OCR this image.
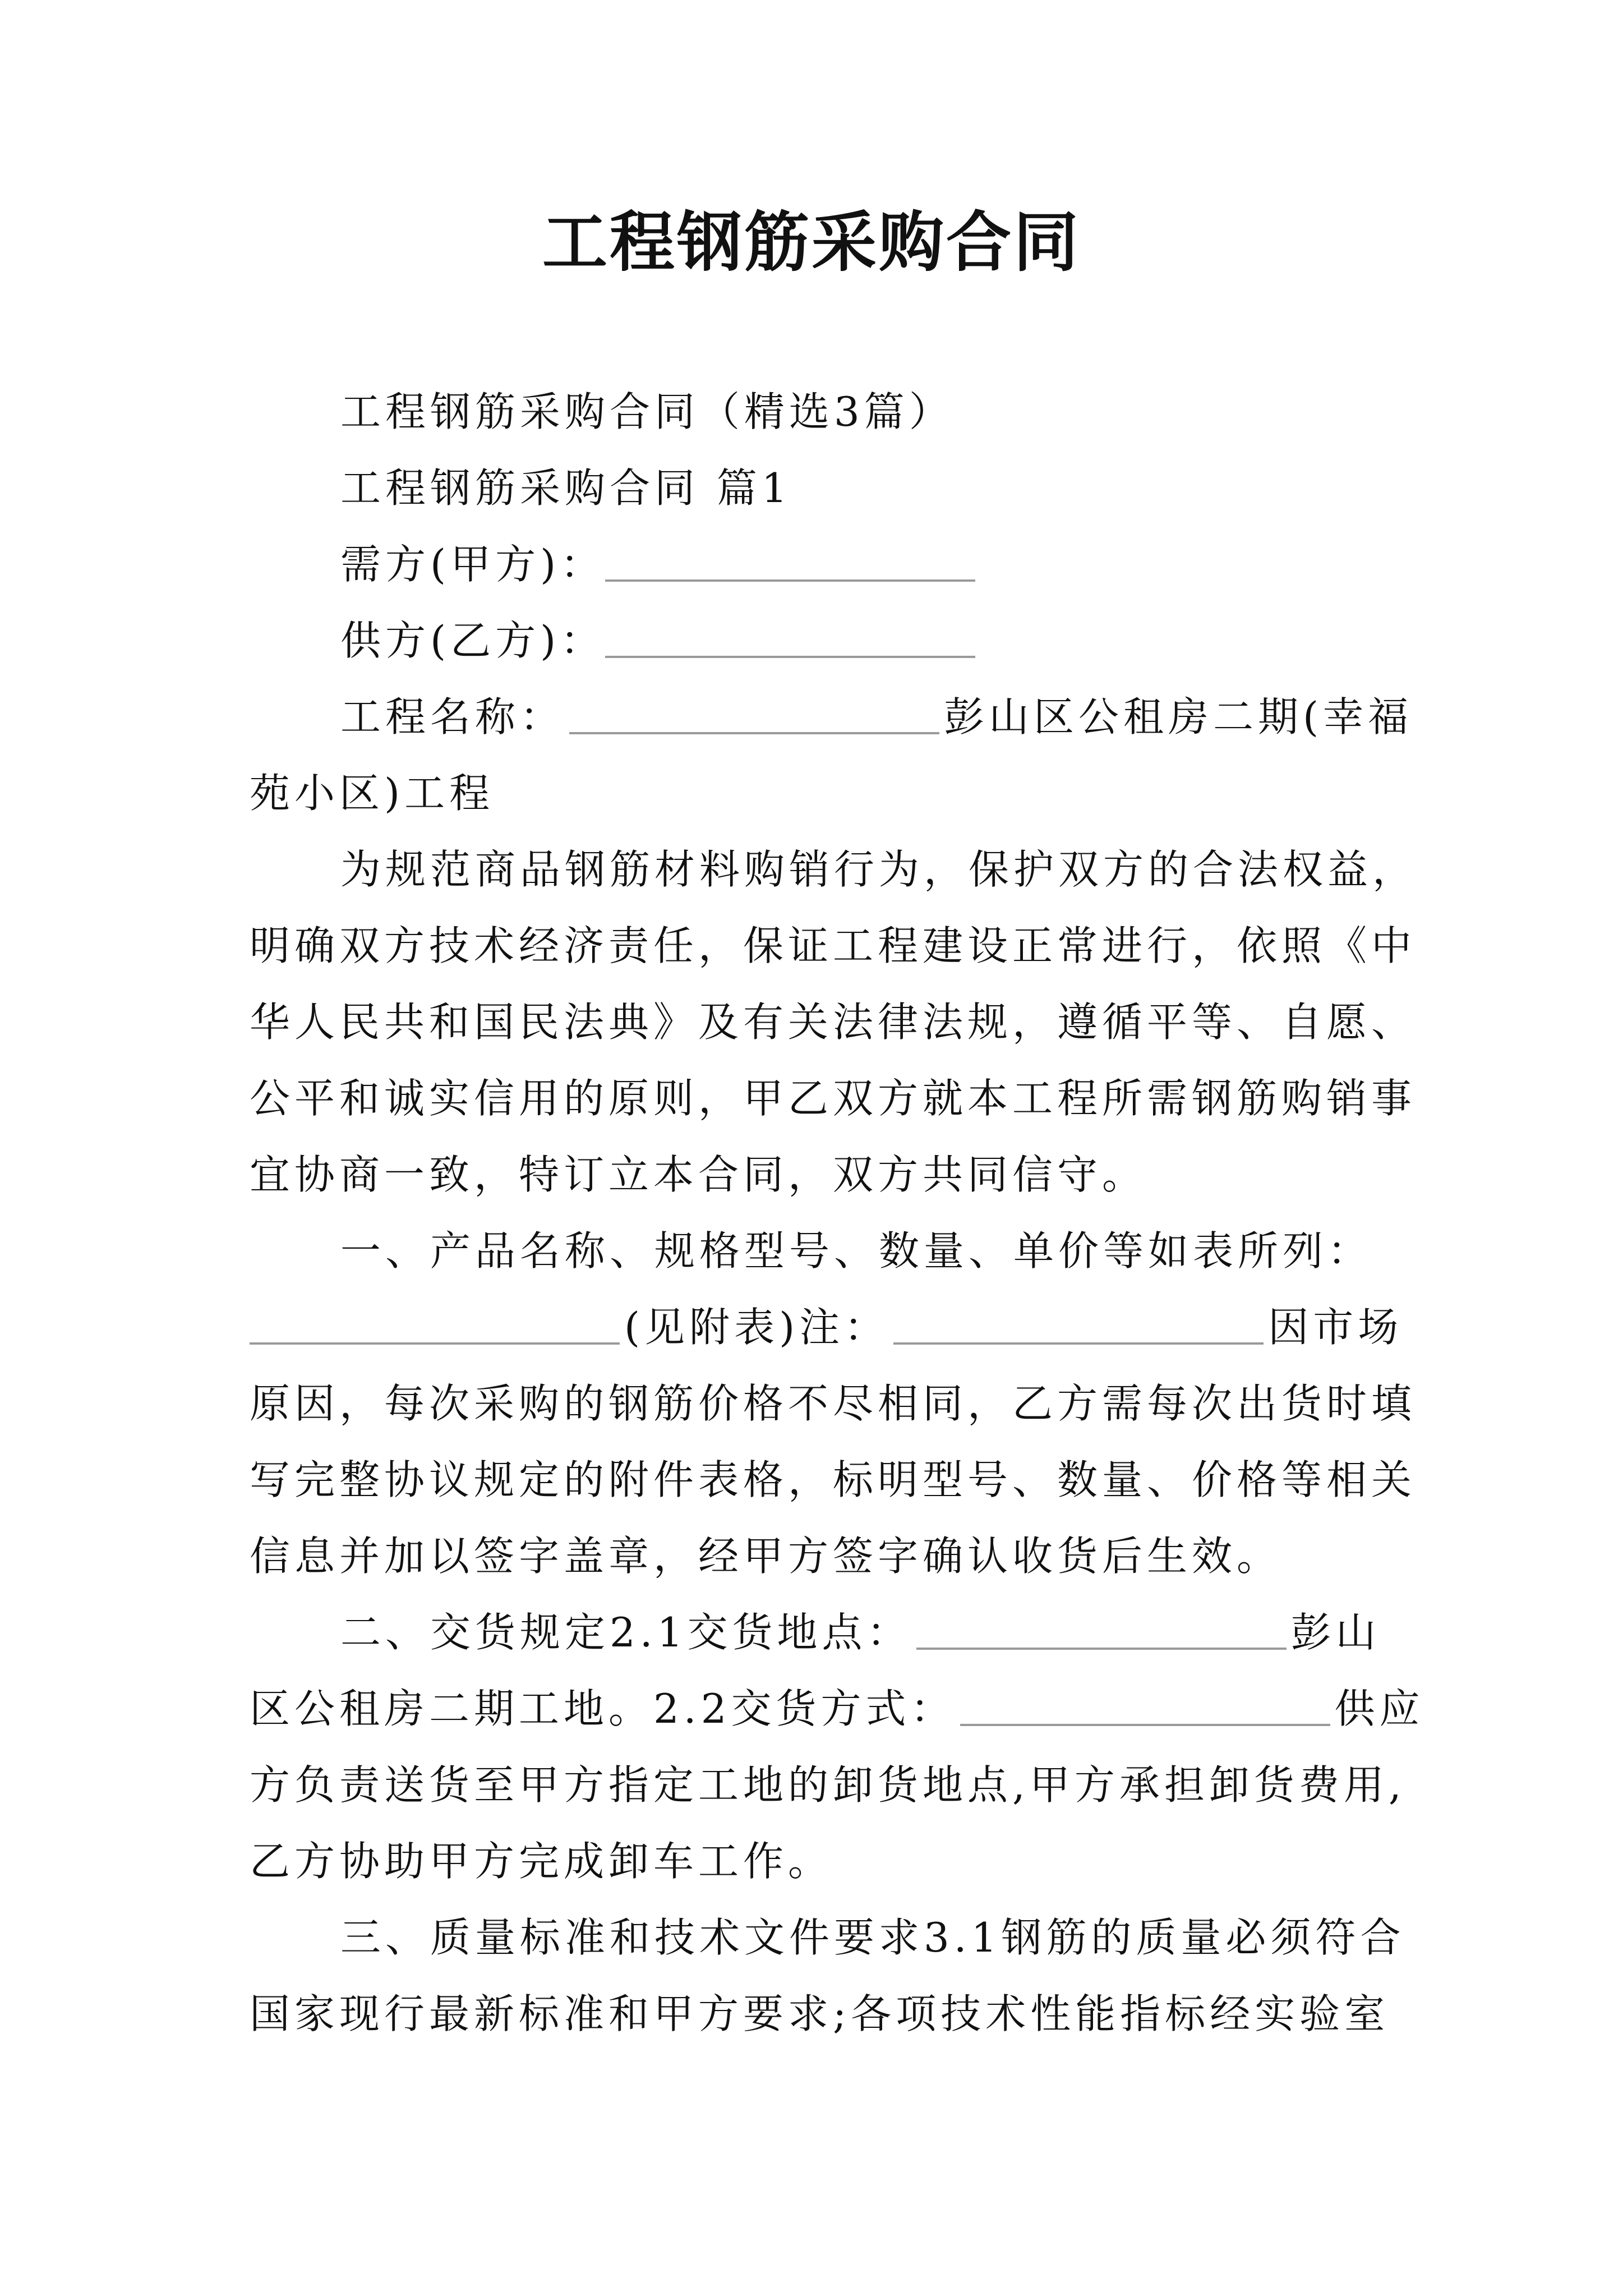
工程钢筋采购合同
工程钢筋采购合同（精选3篇）
工程钢筋采购合同 篇1
需方(甲方)：
供方(乙方)：
工程名称：	彭山区公租房二期(幸福
苑小区)工程
为规范商品钢筋材料购销行为，保护双方的合法权益，
明确双方技术经济责任，保证工程建设正常进行，依照《中
华人民共和国民法典》及有关法律法规，遵循平等、自愿、
公平和诚实信用的原则，甲乙双方就本工程所需钢筋购销事
宜协商一致，特订立本合同，双方共同信守。
一、产品名称、规格型号、数量、单价等如表所列：
(见附表)注：	因市场
原因，每次采购的钢筋价格不尽相同，乙方需每次出货时填
写完整协议规定的附件表格，标明型号、数量、价格等相关
信息并加以签字盖章，经甲方签字确认收货后生效。
二、交货规定2.1交货地点：	彭山
区公租房二期工地。2.2交货方式：	供应
方负责送货至甲方指定工地的卸货地点,甲方承担卸货费用,
乙方协助甲方完成卸车工作。
三、质量标准和技术文件要求3.1钢筋的质量必须符合
国家现行最新标准和甲方要求;各项技术性能指标经实验室
